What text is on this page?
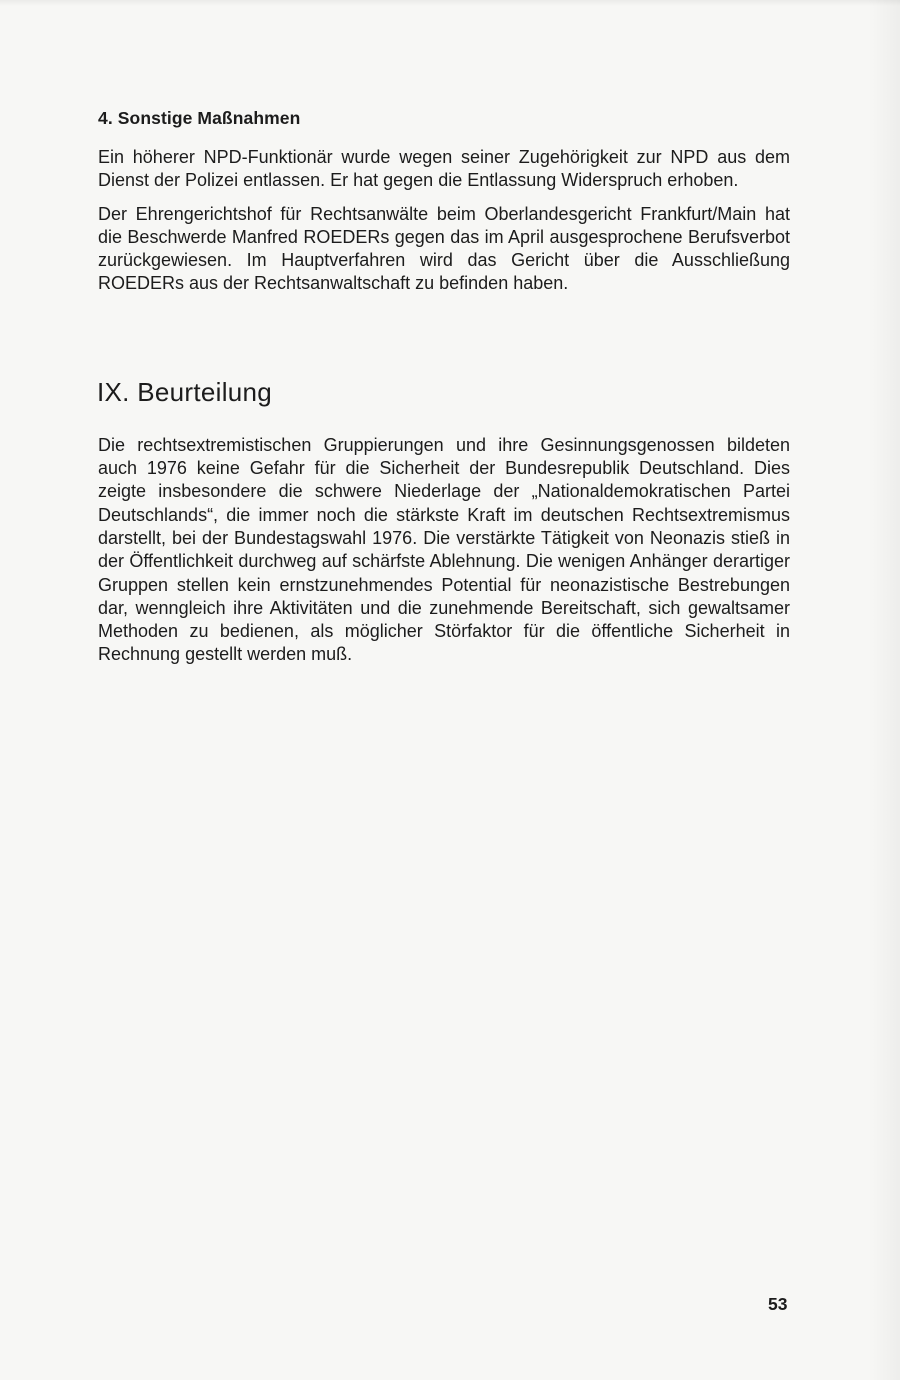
4. Sonstige Maßnahmen

Ein höherer NPD-Funktionär wurde wegen seiner Zugehörigkeit zur NPD aus dem Dienst der Polizei entlassen. Er hat gegen die Entlassung Widerspruch erhoben.

Der Ehrengerichtshof für Rechtsanwälte beim Oberlandesgericht Frankfurt/​Main hat die Beschwerde Manfred ROEDERs gegen das im April ausgesprochene Berufsverbot zurückgewiesen. Im Hauptverfahren wird das Gericht über die Ausschließung ROEDERs aus der Rechtsanwaltschaft zu befinden haben.

IX. Beurteilung

Die rechtsextremistischen Gruppierungen und ihre Gesinnungsgenossen bildeten auch 1976 keine Gefahr für die Sicherheit der Bundesrepublik Deutschland. Dies zeigte insbesondere die schwere Niederlage der „Nationaldemokratischen Partei Deutschlands“, die immer noch die stärkste Kraft im deutschen Rechtsextremismus darstellt, bei der Bundestagswahl 1976. Die verstärkte Tätigkeit von Neonazis stieß in der Öffentlichkeit durchweg auf schärfste Ablehnung. Die wenigen Anhänger derartiger Gruppen stellen kein ernstzunehmendes Potential für neonazistische Bestrebungen dar, wenngleich ihre Aktivitäten und die zunehmende Bereitschaft, sich gewaltsamer Methoden zu bedienen, als möglicher Störfaktor für die öffentliche Sicherheit in Rechnung gestellt werden muß.

53
